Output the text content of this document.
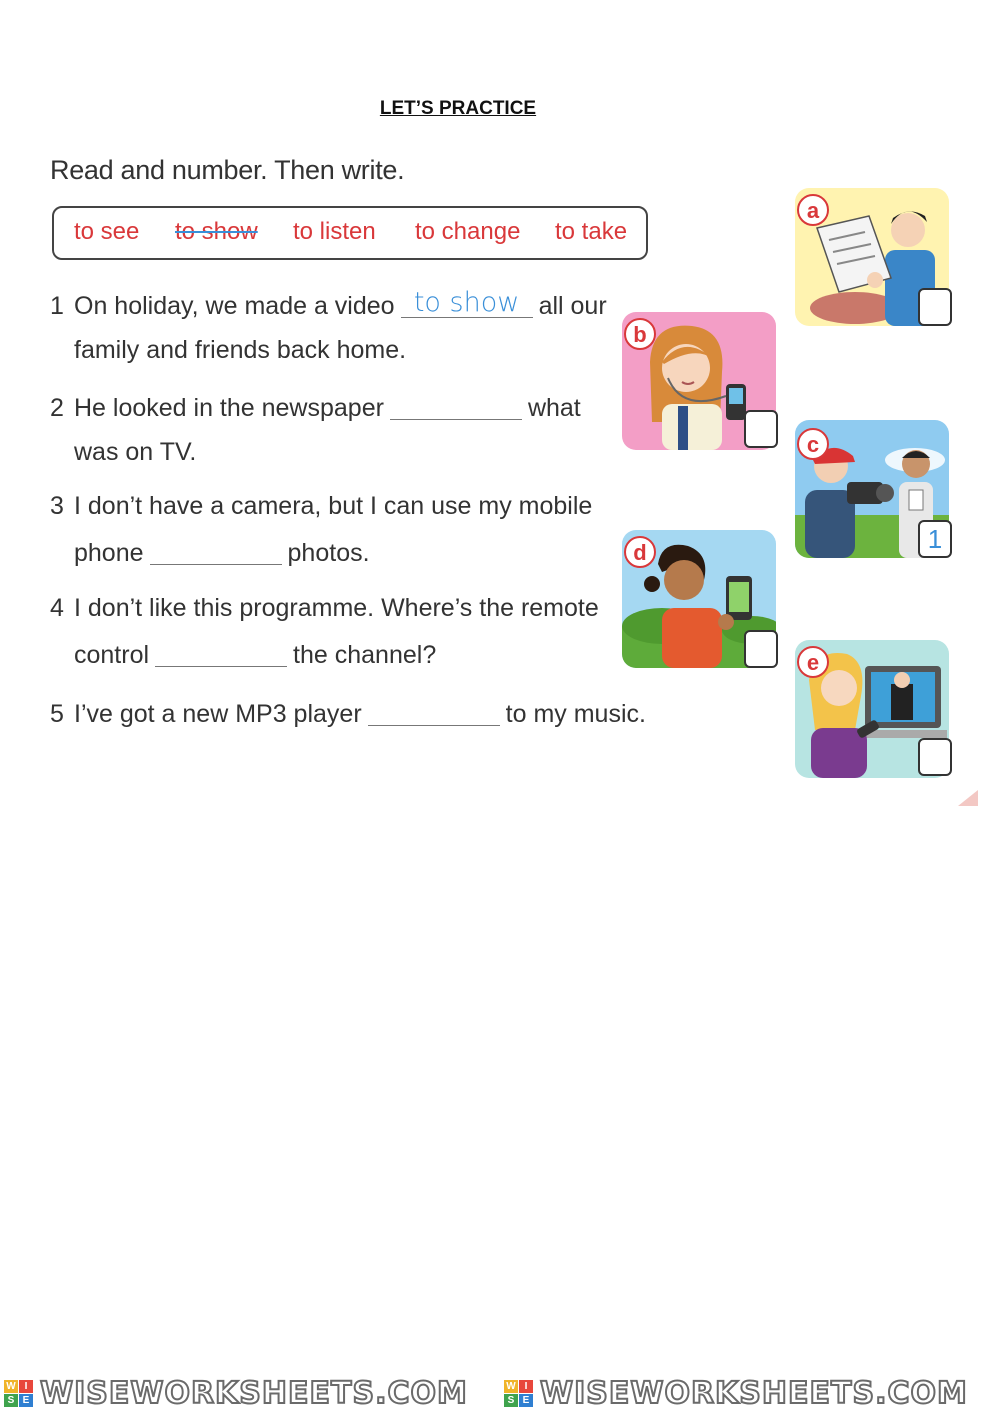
LET’S PRACTICE
Read and number. Then write.
to see to show to listen to change to take
1 On holiday, we made a video to show all our
family and friends back home.
2 He looked in the newspaper	what
was on TV.
3 I don’t have a camera, but I can use my mobile
phone	photos.
4 I don’t like this programme. Where’s the remote
control	the channel?
5 I’ve got a new MP3 player	to my music.
a
b
c
1
d
e
W I
S E WISEWORKSHEETS.COM	W I
S E WISEWORKSHEETS.COM
